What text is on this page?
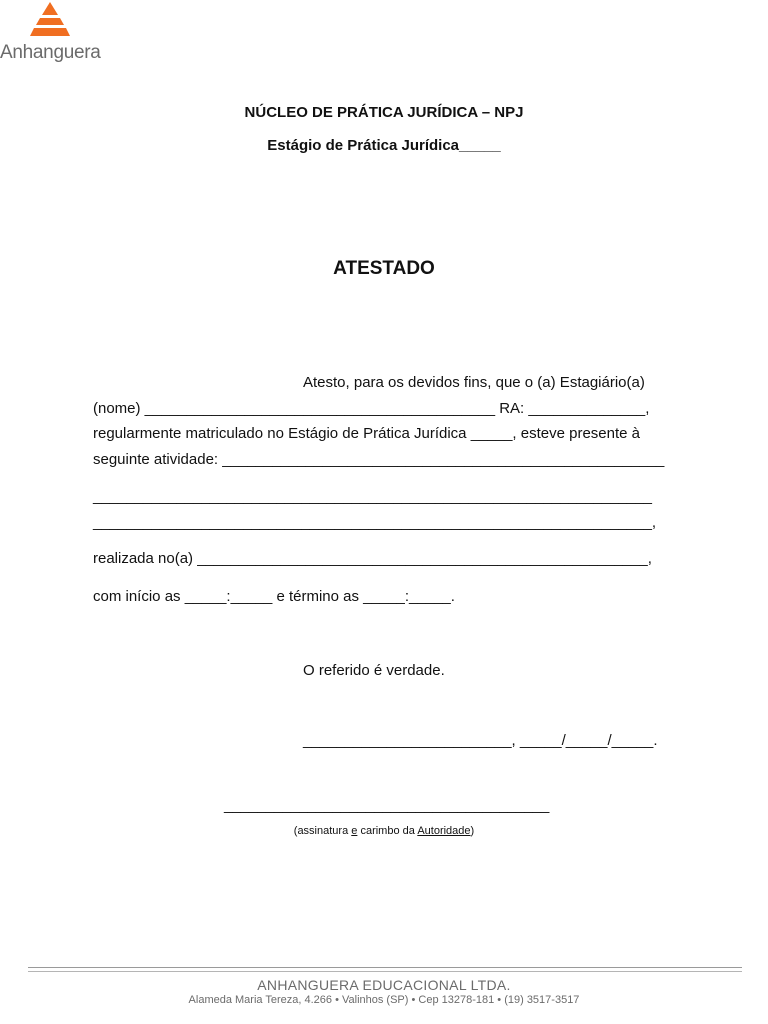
Anhanguera
NÚCLEO DE PRÁTICA JURÍDICA – NPJ
Estágio de Prática Jurídica_____
ATESTADO
Atesto, para os devidos fins, que o (a) Estagiário(a)
(nome) __________________________________________ RA: ______________,
regularmente matriculado no Estágio de Prática Jurídica _____, esteve presente à
seguinte atividade: _____________________________________________________
___________________________________________________________________
___________________________________________________________________,
realizada no(a) ______________________________________________________,
com início as _____:_____ e término as _____:_____.
O referido é verdade.
_________________________, _____/_____/_____.
_______________________________________
(assinatura e carimbo da Autoridade)
ANHANGUERA EDUCACIONAL LTDA.
Alameda Maria Tereza, 4.266 • Valinhos (SP) • Cep 13278-181 • (19) 3517-3517
